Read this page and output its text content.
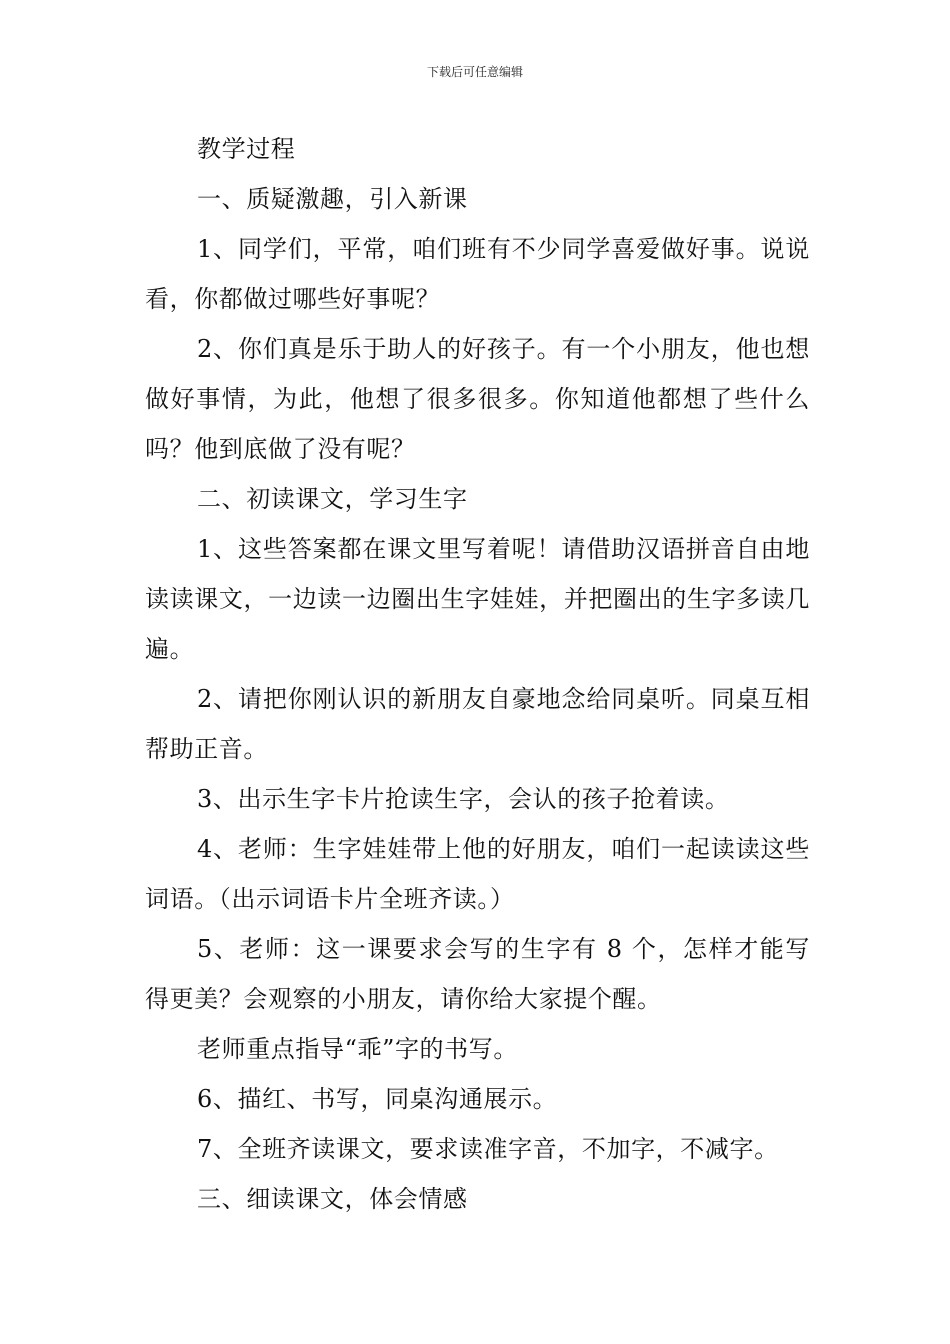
下载后可任意编辑

教学过程

一、质疑激趣，引入新课

1、同学们，平常，咱们班有不少同学喜爱做好事。说说看，你都做过哪些好事呢？

2、你们真是乐于助人的好孩子。有一个小朋友，他也想做好事情，为此，他想了很多很多。你知道他都想了些什么吗？他到底做了没有呢？

二、初读课文，学习生字

1、这些答案都在课文里写着呢！请借助汉语拼音自由地读读课文，一边读一边圈出生字娃娃，并把圈出的生字多读几遍。

2、请把你刚认识的新朋友自豪地念给同桌听。同桌互相帮助正音。

3、出示生字卡片抢读生字，会认的孩子抢着读。

4、老师：生字娃娃带上他的好朋友，咱们一起读读这些词语。（出示词语卡片全班齐读。）

5、老师：这一课要求会写的生字有 8 个，怎样才能写得更美？会观察的小朋友，请你给大家提个醒。

老师重点指导“乖”字的书写。

6、描红、书写，同桌沟通展示。

7、全班齐读课文，要求读准字音，不加字，不减字。

三、细读课文，体会情感
